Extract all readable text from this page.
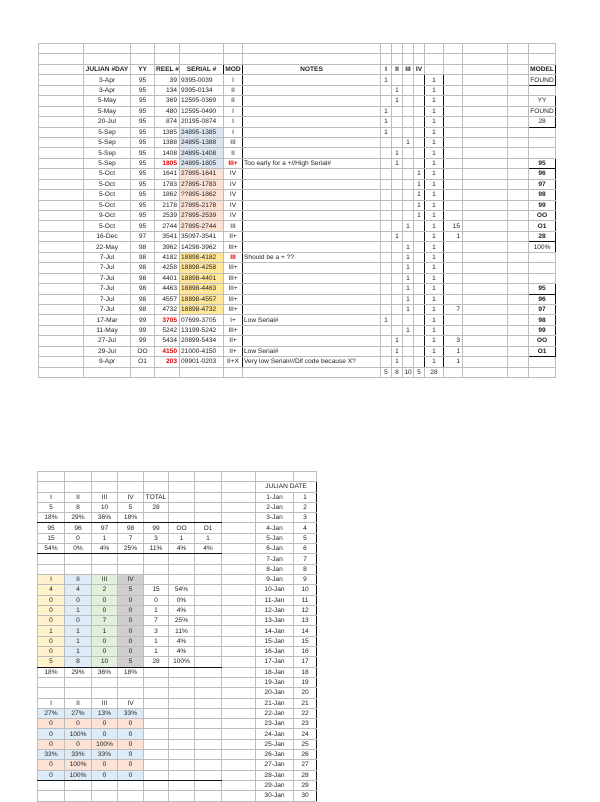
	JULIAN #DAY	YY	REEL #	SERIAL #	MOD	NOTES	I	II	III	IV					MODEL
	3-Apr	95	39	9395-0039	I		1				1				FOUND
	3-Apr	95	134	9395-0134	II			1			1				
	5-May	95	369	12595-0369	II			1			1				YY
	5-May	95	480	12595-0490	I		1				1				FOUND
	20-Jul	95	874	20195-0874	I		1				1				28
	5-Sep	95	1385	24895-1385	I		1				1				
	5-Sep	95	1388	24895-1388	III				1		1				
	5-Sep	95	1408	24895-1408	II			1			1				
	5-Sep	95	1805	24895-1805	III+	Too early for a +//High Serial#		1			1				95
	5-Oct	95	1641	27895-1641	IV					1	1				96
	5-Oct	95	1783	27895-1783	IV					1	1				97
	5-Oct	95	1862	??895-1862	IV					1	1				98
	5-Oct	95	2178	27895-2178	IV					1	1				99
	9-Oct	95	2539	27895-2539	IV					1	1				OO
	5-Oct	95	2744	27895-2744	III				1		1	15			O1
	16-Dec	97	3541	35097-3541	II+			1			1	1			28
	22-May	98	3962	14298-3962	III+				1		1				100%
	7-Jul	98	4182	18898-4182	III	Should be a + ??			1		1				
	7-Jul	98	4258	18898-4258	III+				1		1				
	7-Jul	98	4401	18898-4401	III+				1		1				
	7-Jul	98	4463	18898-4463	III+				1		1				95
	7-Jul	98	4557	18898-4557	III+				1		1				96
	7-Jul	98	4732	18898-4732	III+				1		1	7			97
	17-Mar	99	3705	07699-3705	I+	Low Serial#	1				1				98
	11-May	99	5242	13199-5242	III+				1		1				99
	27-Jul	99	5434	20899-5434	II+			1			1	3			OO
	29-Jul	OO	4150	21000-4150	II+	Low Serial#		1			1	1			O1
	9-Apr	O1	203	09901-0203	II+X	Very low Serial#//Dif code because X?		1			1	1			
							5	8	10	5	28				

								JULIAN DATE	
I	II	III	IV	TOTAL				1-Jan	1
5	8	10	5	28				2-Jan	2
18%	29%	36%	18%					3-Jan	3
95	96	97	98	99	OO	O1		4-Jan	4
15	0	1	7	3	1	1		5-Jan	5
54%	0%	4%	25%	11%	4%	4%		6-Jan	6
								7-Jan	7
								8-Jan	8
I	II	III	IV					9-Jan	9
4	4	2	5	15	54%			10-Jan	10
0	0	0	0	0	0%			11-Jan	11
0	1	0	0	1	4%			12-Jan	12
0	0	7	0	7	25%			13-Jan	13
1	1	1	0	3	11%			14-Jan	14
0	1	0	0	1	4%			15-Jan	15
0	1	0	0	1	4%			16-Jan	16
5	8	10	5	28	100%			17-Jan	17
18%	29%	36%	18%					18-Jan	18
								19-Jan	19
								20-Jan	20
I	II	III	IV					21-Jan	21
27%	27%	13%	33%					22-Jan	22
0	0	0	0					23-Jan	23
0	100%	0	0					24-Jan	24
0	0	100%	0					25-Jan	25
33%	33%	33%	0					26-Jan	26
0	100%	0	0					27-Jan	27
0	100%	0	0					28-Jan	28
								29-Jan	29
								30-Jan	30
